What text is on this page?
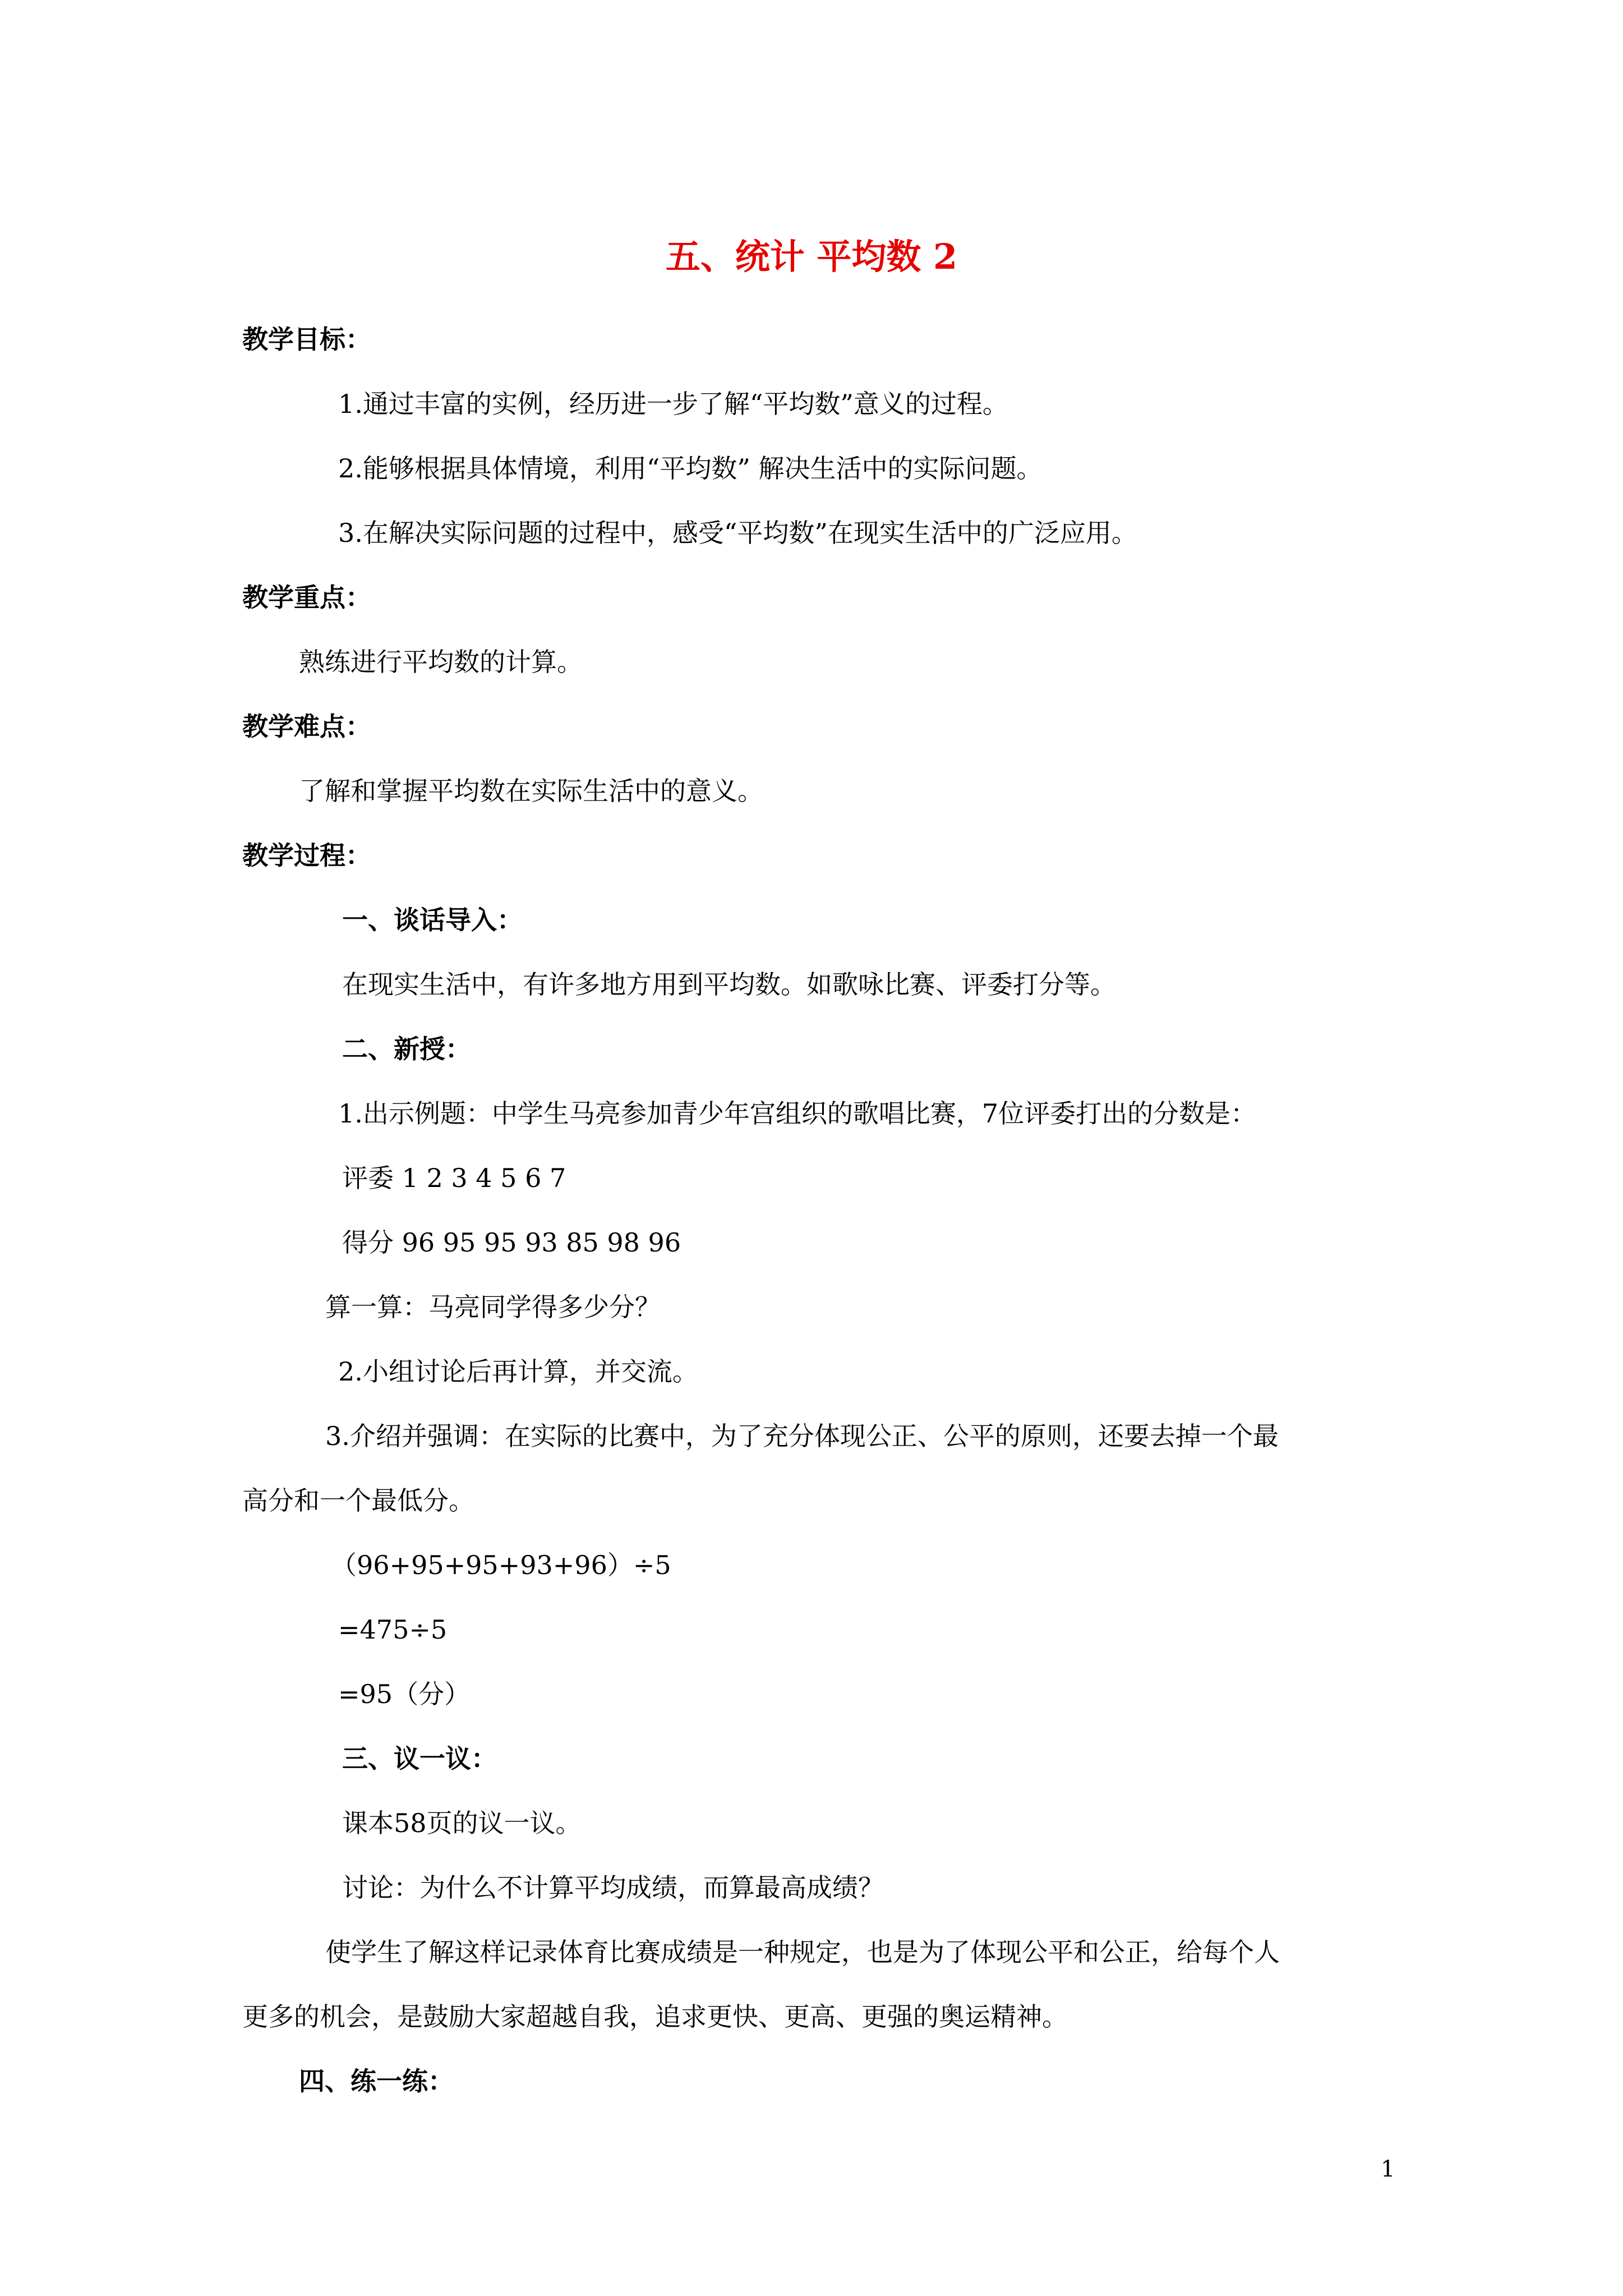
五、统计 平均数 2
教学目标：
1.通过丰富的实例，经历进一步了解“平均数”意义的过程。
2.能够根据具体情境，利用“平均数” 解决生活中的实际问题。
3.在解决实际问题的过程中，感受“平均数”在现实生活中的广泛应用。
教学重点：
熟练进行平均数的计算。
教学难点：
了解和掌握平均数在实际生活中的意义。
教学过程：
一、谈话导入：
在现实生活中，有许多地方用到平均数。如歌咏比赛、评委打分等。
二、新授：
1.出示例题：中学生马亮参加青少年宫组织的歌唱比赛，7位评委打出的分数是：
评委 1 2 3 4 5 6 7
得分 96 95 95 93 85 98 96
算一算：马亮同学得多少分？
2.小组讨论后再计算，并交流。
3.介绍并强调：在实际的比赛中，为了充分体现公正、公平的原则，还要去掉一个最
高分和一个最低分。
（96+95+95+93+96）÷5
=475÷5
=95（分）
三、议一议：
课本58页的议一议。
讨论：为什么不计算平均成绩，而算最高成绩？
使学生了解这样记录体育比赛成绩是一种规定，也是为了体现公平和公正，给每个人
更多的机会，是鼓励大家超越自我，追求更快、更高、更强的奥运精神。
四、练一练：
1
